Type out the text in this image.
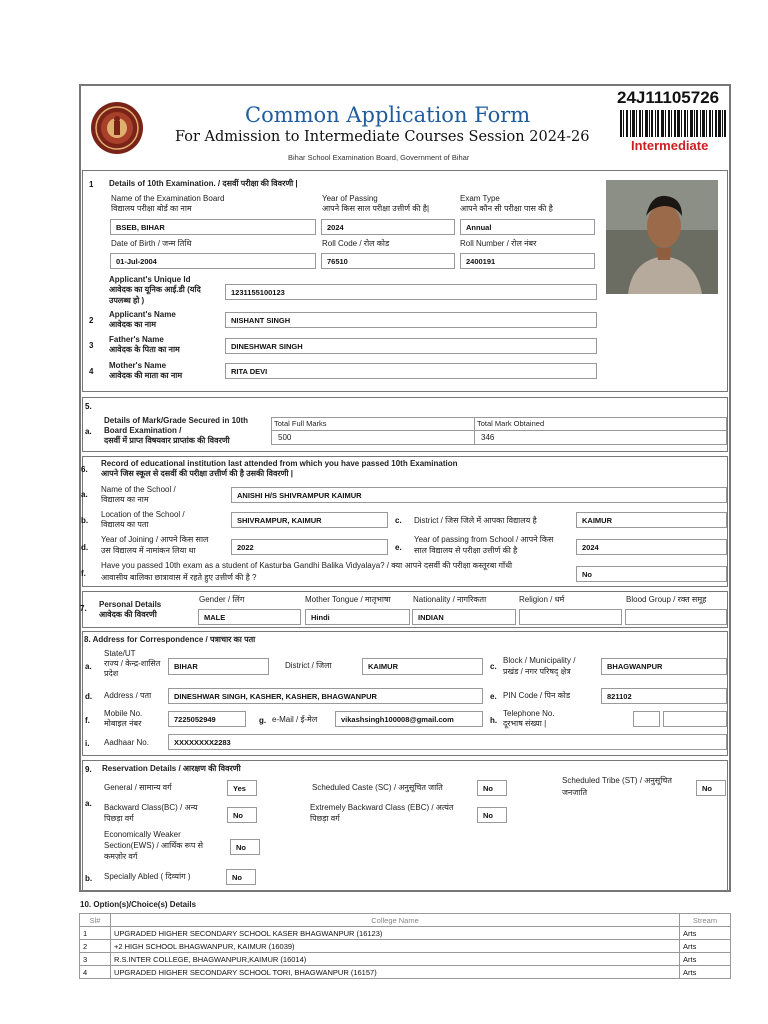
Common Application Form
For Admission to Intermediate Courses Session 2024-26
Bihar School Examination Board, Government of Bihar
24J11105726
Intermediate
1 Details of 10th Examination. / दसवीं परीक्षा की विवरणी |
Name of the Examination Board
विद्यालय परीक्षा बोर्ड का नाम
BSEB, BIHAR
Year of Passing
आपने किस साल परीक्षा उत्तीर्ण की है|
2024
Exam Type
आपने कौन सी परीक्षा पास की है
Annual
Date of Birth / जन्म तिथि
01-Jul-2004
Roll Code / रोल कोड
76510
Roll Number / रोल नंबर
2400191
Applicant's Unique Id
आवेदक का यूनिक आई.डी (यदि
उपलब्ध हो )
1231155100123
2
Applicant's Name
आवेदक का नाम	NISHANT SINGH
3
Father's Name
आवेदक के पिता का नाम	DINESHWAR SINGH
4
Mother's Name
आवेदक की माता का नाम	RITA DEVI
5.
a.
Details of Mark/Grade Secured in 10th
Board Examination /
दसवीं में प्राप्त विषयवार प्राप्तांक की विवरणी
Total Full Marks
500
Total Mark Obtained
346
6.
Record of educational institution last attended from which you have passed 10th Examination
आपने जिस स्कूल से दसवीं की परीक्षा उत्तीर्ण की है उसकी विवरणी |
a.
Name of the School /
विद्यालय का नाम	ANISHI H/S SHIVRAMPUR KAIMUR
b.
Location of the School /
विद्यालय का पता	SHIVRAMPUR, KAIMUR	c. District / जिस जिले में आपका विद्यालय है	KAIMUR
d.
Year of Joining / आपने किस साल
उस विद्यालय में नामांकन लिया था	2022	e.
Year of passing from School / आपने किस
साल विद्यालय से परीक्षा उत्तीर्ण की है	2024
f.
Have you passed 10th exam as a student of Kasturba Gandhi Balika Vidyalaya? / क्या आपने दसवीं की परीक्षा कस्तूरबा गाँधी
आवासीय बालिका छात्रावास में रहते हुए उत्तीर्ण की है ?	No
7. Personal Details
आवेदक की विवरणी
Gender / लिंग
MALE
Mother Tongue / मातृभाषा
Hindi
Nationality / नागरिकता
INDIAN
Religion / धर्म	Blood Group / रक्त समूह
8. Address for Correspondence / पत्राचार का पता
a.
State/UT
राज्य / केन्द्र-शासित
प्रदेश
BIHAR	District / जिला	KAIMUR	c.
Block / Municipality /
प्रखंड / नगर परिषद् क्षेत्र
BHAGWANPUR
d. Address / पता	DINESHWAR SINGH, KASHER, KASHER, BHAGWANPUR	e. PIN Code / पिन कोड	821102
f.
Mobile No.
मोबाइल नंबर	7225052949	g. e-Mail / ई-मेल	vikashsingh100008@gmail.com	h.
Telephone No.
दूरभाष संख्या |
i. Aadhaar No.	XXXXXXXX2283
9. Reservation Details / आरक्षण की विवरणी
a.
General / सामान्य वर्ग	Yes	Scheduled Caste (SC) / अनुसूचित जाति	No
Scheduled Tribe (ST) / अनुसूचित
जनजाति	No
Backward Class(BC) / अन्य
पिछड़ा वर्ग	No
Extremely Backward Class (EBC) / अत्यंत
पिछड़ा वर्ग	No
Economically Weaker
Section(EWS) / आर्थिक रूप से
कमज़ोर वर्ग
No
b. Specially Abled ( दिव्यांग )	No
10. Option(s)/Choice(s) Details
Sl#	College Name	Stream
1	UPGRADED HIGHER SECONDARY SCHOOL KASER BHAGWANPUR (16123)	Arts
2	+2 HIGH SCHOOL BHAGWANPUR, KAIMUR (16039)	Arts
3	R.S.INTER COLLEGE, BHAGWANPUR,KAIMUR (16014)	Arts
4	UPGRADED HIGHER SECONDARY SCHOOL TORI, BHAGWANPUR (16157)	Arts
